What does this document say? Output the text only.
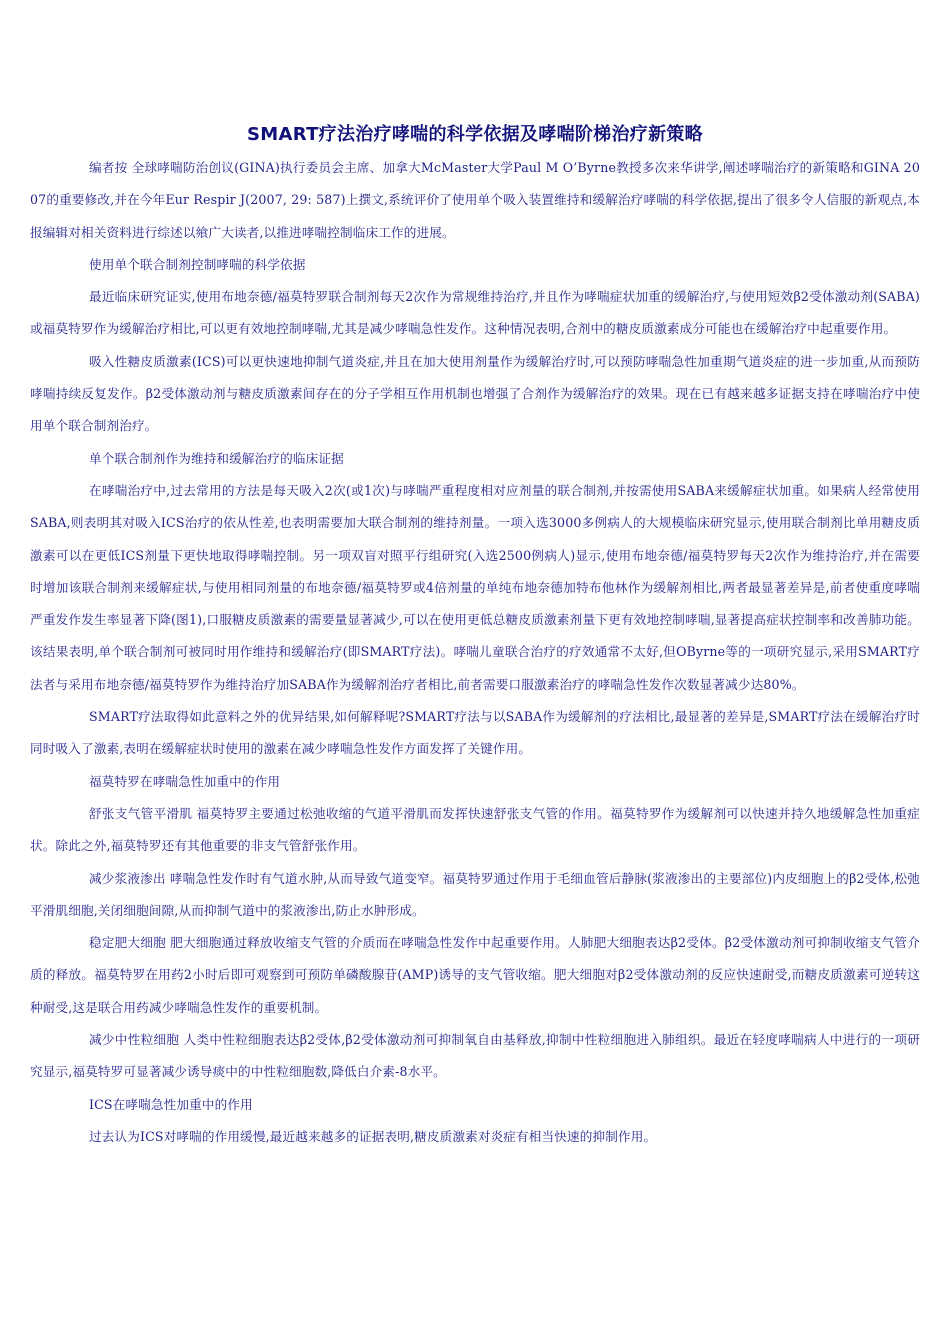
SMART疗法治疗哮喘的科学依据及哮喘阶梯治疗新策略

编者按 全球哮喘防治创议(GINA)执行委员会主席、加拿大McMaster大学Paul M O’Byrne教授多次来华讲学,阐述哮喘治疗的新策略和GINA 2007的重要修改,并在今年Eur Respir J(2007, 29: 587)上撰文,系统评价了使用单个吸入装置维持和缓解治疗哮喘的科学依据,提出了很多令人信服的新观点,本报编辑对相关资料进行综述以飨广大读者,以推进哮喘控制临床工作的进展。

使用单个联合制剂控制哮喘的科学依据

最近临床研究证实,使用布地奈德/福莫特罗联合制剂每天2次作为常规维持治疗,并且作为哮喘症状加重的缓解治疗,与使用短效β2受体激动剂(SABA)或福莫特罗作为缓解治疗相比,可以更有效地控制哮喘,尤其是减少哮喘急性发作。这种情况表明,合剂中的糖皮质激素成分可能也在缓解治疗中起重要作用。

吸入性糖皮质激素(ICS)可以更快速地抑制气道炎症,并且在加大使用剂量作为缓解治疗时,可以预防哮喘急性加重期气道炎症的进一步加重,从而预防哮喘持续反复发作。β2受体激动剂与糖皮质激素间存在的分子学相互作用机制也增强了合剂作为缓解治疗的效果。现在已有越来越多证据支持在哮喘治疗中使用单个联合制剂治疗。

单个联合制剂作为维持和缓解治疗的临床证据

在哮喘治疗中,过去常用的方法是每天吸入2次(或1次)与哮喘严重程度相对应剂量的联合制剂,并按需使用SABA来缓解症状加重。如果病人经常使用SABA,则表明其对吸入ICS治疗的依从性差,也表明需要加大联合制剂的维持剂量。一项入选3000多例病人的大规模临床研究显示,使用联合制剂比单用糖皮质激素可以在更低ICS剂量下更快地取得哮喘控制。另一项双盲对照平行组研究(入选2500例病人)显示,使用布地奈德/福莫特罗每天2次作为维持治疗,并在需要时增加该联合制剂来缓解症状,与使用相同剂量的布地奈德/福莫特罗或4倍剂量的单纯布地奈德加特布他林作为缓解剂相比,两者最显著差异是,前者使重度哮喘严重发作发生率显著下降(图1),口服糖皮质激素的需要量显著减少,可以在使用更低总糖皮质激素剂量下更有效地控制哮喘,显著提高症状控制率和改善肺功能。该结果表明,单个联合制剂可被同时用作维持和缓解治疗(即SMART疗法)。哮喘儿童联合治疗的疗效通常不太好,但OByrne等的一项研究显示,采用SMART疗法者与采用布地奈德/福莫特罗作为维持治疗加SABA作为缓解剂治疗者相比,前者需要口服激素治疗的哮喘急性发作次数显著减少达80%。

SMART疗法取得如此意料之外的优异结果,如何解释呢?SMART疗法与以SABA作为缓解剂的疗法相比,最显著的差异是,SMART疗法在缓解治疗时同时吸入了激素,表明在缓解症状时使用的激素在减少哮喘急性发作方面发挥了关键作用。

福莫特罗在哮喘急性加重中的作用

舒张支气管平滑肌 福莫特罗主要通过松弛收缩的气道平滑肌而发挥快速舒张支气管的作用。福莫特罗作为缓解剂可以快速并持久地缓解急性加重症状。除此之外,福莫特罗还有其他重要的非支气管舒张作用。

减少浆液渗出 哮喘急性发作时有气道水肿,从而导致气道变窄。福莫特罗通过作用于毛细血管后静脉(浆液渗出的主要部位)内皮细胞上的β2受体,松弛平滑肌细胞,关闭细胞间隙,从而抑制气道中的浆液渗出,防止水肿形成。

稳定肥大细胞 肥大细胞通过释放收缩支气管的介质而在哮喘急性发作中起重要作用。人肺肥大细胞表达β2受体。β2受体激动剂可抑制收缩支气管介质的释放。福莫特罗在用药2小时后即可观察到可预防单磷酸腺苷(AMP)诱导的支气管收缩。肥大细胞对β2受体激动剂的反应快速耐受,而糖皮质激素可逆转这种耐受,这是联合用药减少哮喘急性发作的重要机制。

减少中性粒细胞 人类中性粒细胞表达β2受体,β2受体激动剂可抑制氧自由基释放,抑制中性粒细胞进入肺组织。最近在轻度哮喘病人中进行的一项研究显示,福莫特罗可显著减少诱导痰中的中性粒细胞数,降低白介素-8水平。

ICS在哮喘急性加重中的作用

过去认为ICS对哮喘的作用缓慢,最近越来越多的证据表明,糖皮质激素对炎症有相当快速的抑制作用。
